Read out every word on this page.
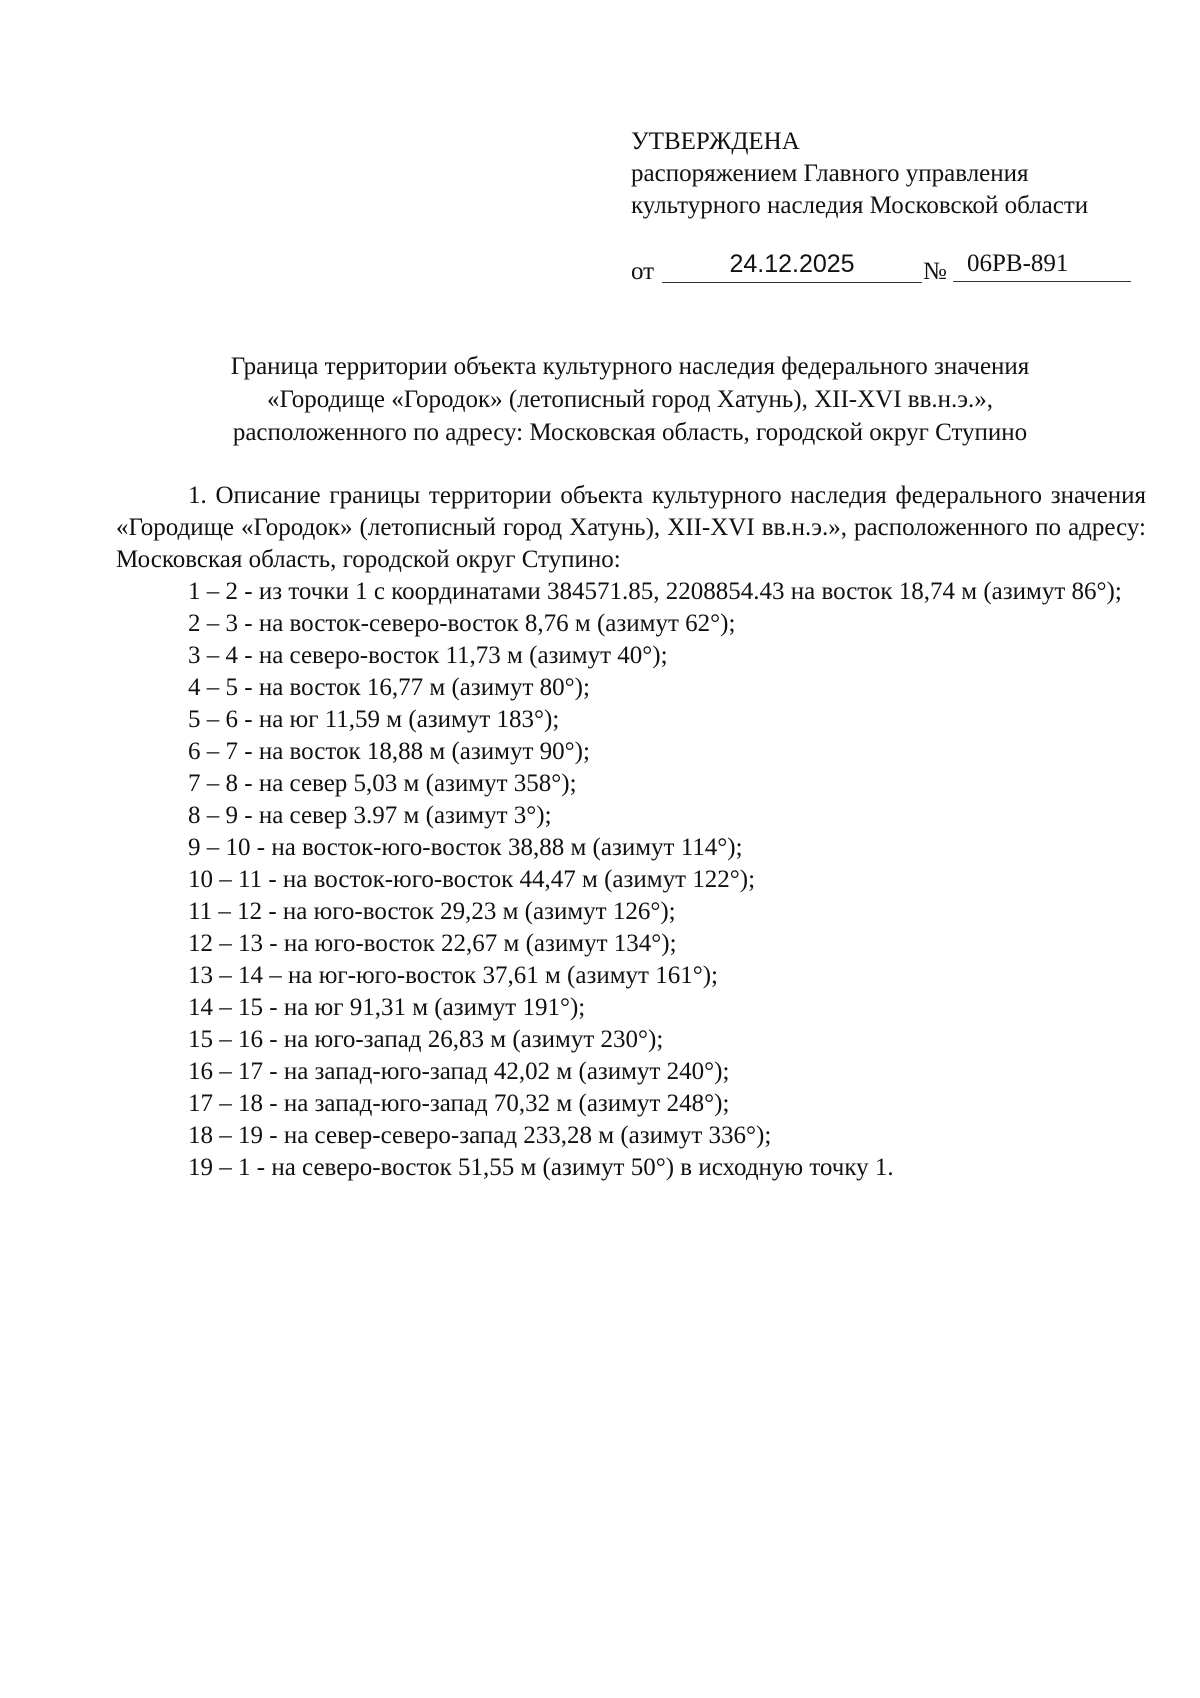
УТВЕРЖДЕНА
распоряжением Главного управления
культурного наследия Московской области
от	24.12.2025	№ 06РВ-891
Граница территории объекта культурного наследия федерального значения
«Городище «Городок» (летописный город Хатунь), XII-XVI вв.н.э.»,
расположенного по адресу: Московская область, городской округ Ступино

1. Описание границы территории объекта культурного наследия федерального значения «Городище «Городок» (летописный город Хатунь), XII-XVI вв.н.э.», расположенного по адресу: Московская область, городской округ Ступино:

1 – 2 - из точки 1 с координатами 384571.85, 2208854.43 на восток 18,74 м (азимут 86°);

2 – 3 - на восток-северо-восток 8,76 м (азимут 62°);

3 – 4 - на северо-восток 11,73 м (азимут 40°);

4 – 5 - на восток 16,77 м (азимут 80°);

5 – 6 - на юг 11,59 м (азимут 183°);

6 – 7 - на восток 18,88 м (азимут 90°);

7 – 8 - на север 5,03 м (азимут 358°);

8 – 9 - на север 3.97 м (азимут 3°);

9 – 10 - на восток-юго-восток 38,88 м (азимут 114°);

10 – 11 - на восток-юго-восток 44,47 м (азимут 122°);

11 – 12 - на юго-восток 29,23 м (азимут 126°);

12 – 13 - на юго-восток 22,67 м (азимут 134°);

13 – 14 – на юг-юго-восток 37,61 м (азимут 161°);

14 – 15 - на юг 91,31 м (азимут 191°);

15 – 16 - на юго-запад 26,83 м (азимут 230°);

16 – 17 - на запад-юго-запад 42,02 м (азимут 240°);

17 – 18 - на запад-юго-запад 70,32 м (азимут 248°);

18 – 19 - на север-северо-запад 233,28 м (азимут 336°);

19 – 1 - на северо-восток 51,55 м (азимут 50°) в исходную точку 1.
